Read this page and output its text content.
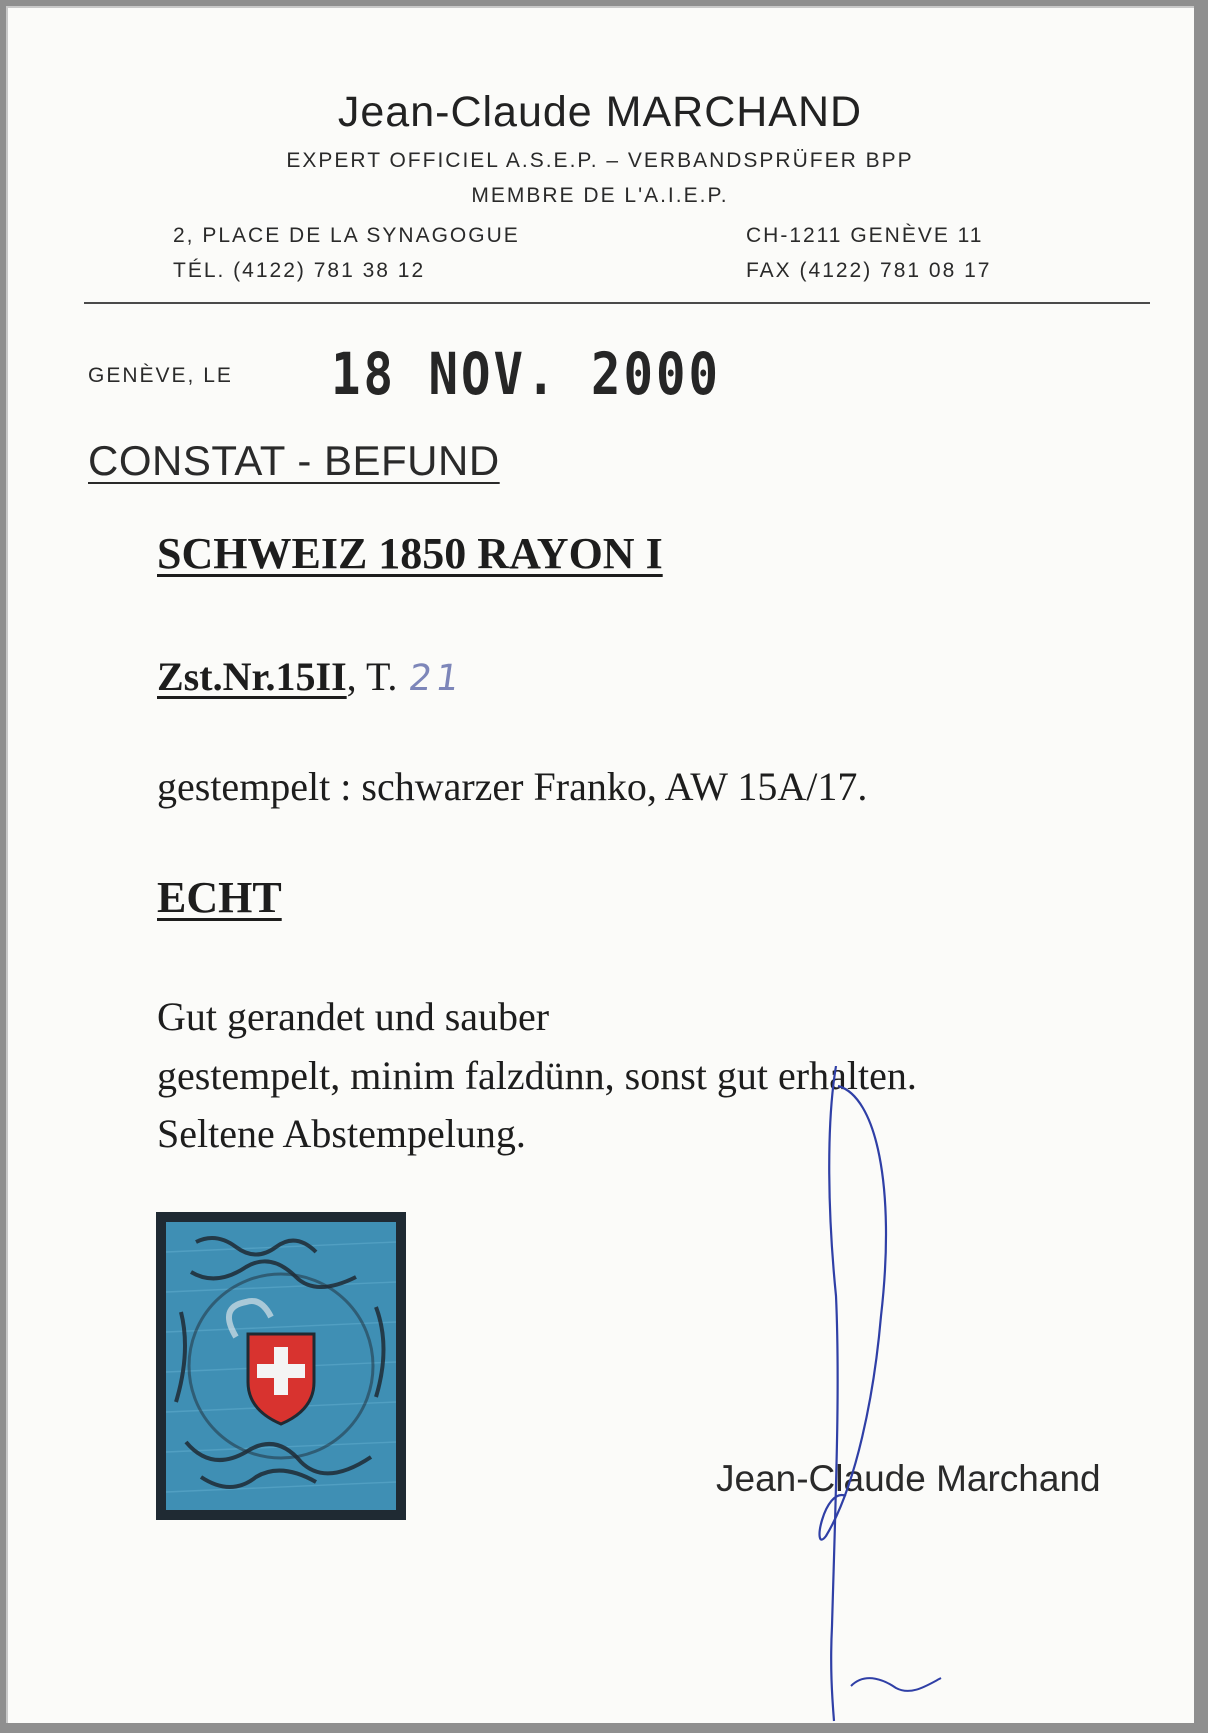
Jean-Claude MARCHAND
EXPERT OFFICIEL A.S.E.P. – VERBANDSPRÜFER BPP
MEMBRE DE L'A.I.E.P.
2, PLACE DE LA SYNAGOGUE	CH-1211 GENÈVE 11
TÉL. (4122) 781 38 12	FAX (4122) 781 08 17
GENÈVE, LE 18 NOV. 2000
CONSTAT - BEFUND
SCHWEIZ 1850 RAYON I
Zst.Nr.15II, T. 21
gestempelt : schwarzer Franko, AW 15A/17.
ECHT
Gut gerandet und sauber
gestempelt, minim falzdünn, sonst gut erhalten.
Seltene Abstempelung.
Jean-Claude Marchand
